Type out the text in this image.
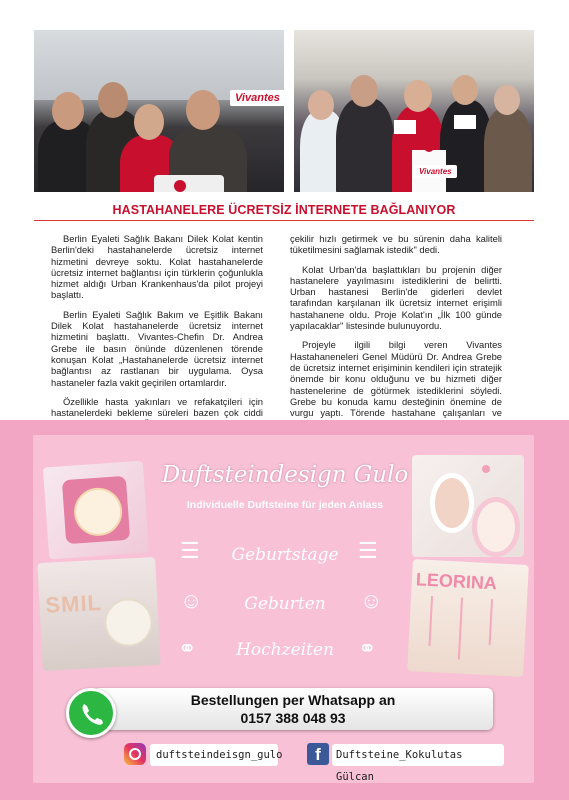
Vivantes
Vivantes
HASTAHANELERE ÜCRETSİZ İNTERNETE BAĞLANIYOR

Berlin Eyaleti Sağlık Bakanı Dilek Kolat kentin Berlin'deki hastahanelerde ücretsiz internet hizmetini devreye soktu. Kolat hastahanelerde ücretsiz internet bağlantısı için türklerin çoğunlukla hizmet aldığı Urban Krankenhaus'da pilot projeyi başlattı.

Berlin Eyaleti Sağlık Bakım ve Eşitlik Bakanı Dilek Kolat hastahanelerde ücretsiz internet hizmetini başlattı. Vivantes-Chefin Dr. Andrea Grebe ile basın önünde düzenlenen törende konuşan Kolat „Hastahanelerde ücretsiz internet bağlantısı az rastlanan bir uygulama. Oysa hastaneler fazla vakit geçirilen ortamlardır.

Özellikle hasta yakınları ve refakatçileri için hastanelerdeki bekleme süreleri bazen çok ciddi

çekilir hızlı getirmek ve bu sürenin daha kaliteli tüketilmesini sağlamak istedik" dedi.

Kolat Urban'da başlattıkları bu projenin diğer hastanelere yayılmasını istediklerini de belirtti. Urban hastanesi Berlin'de giderleri devlet tarafından karşılanan ilk ücretsiz internet erişimli hastahanene oldu. Proje Kolat'ın „İlk 100 günde yapılacaklar" listesinde bulunuyordu.

Projeyle ilgili bilgi veren Vivantes Hastahaneneleri Genel Müdürü Dr. Andrea Grebe de ücretsiz internet erişiminin kendileri için stratejik önemde bir konu olduğunu ve bu hizmeti diğer hastenelerine de götürmek istediklerini söyledi. Grebe bu konuda kamu desteğinin önemine de vurgu yaptı. Törende hastahane çalışanları ve

SMIL
LEORINA
Duftsteindesign Gulo
Individuelle Duftsteine für jeden Anlass
☰	☰
Geburtstage
☺	☺
Geburten
⚭	⚭
Hochzeiten
Bestellungen per Whatsapp an
0157 388 048 93
duftsteindeisgn_gulo	f	Duftsteine_Kokulutas Gülcan
